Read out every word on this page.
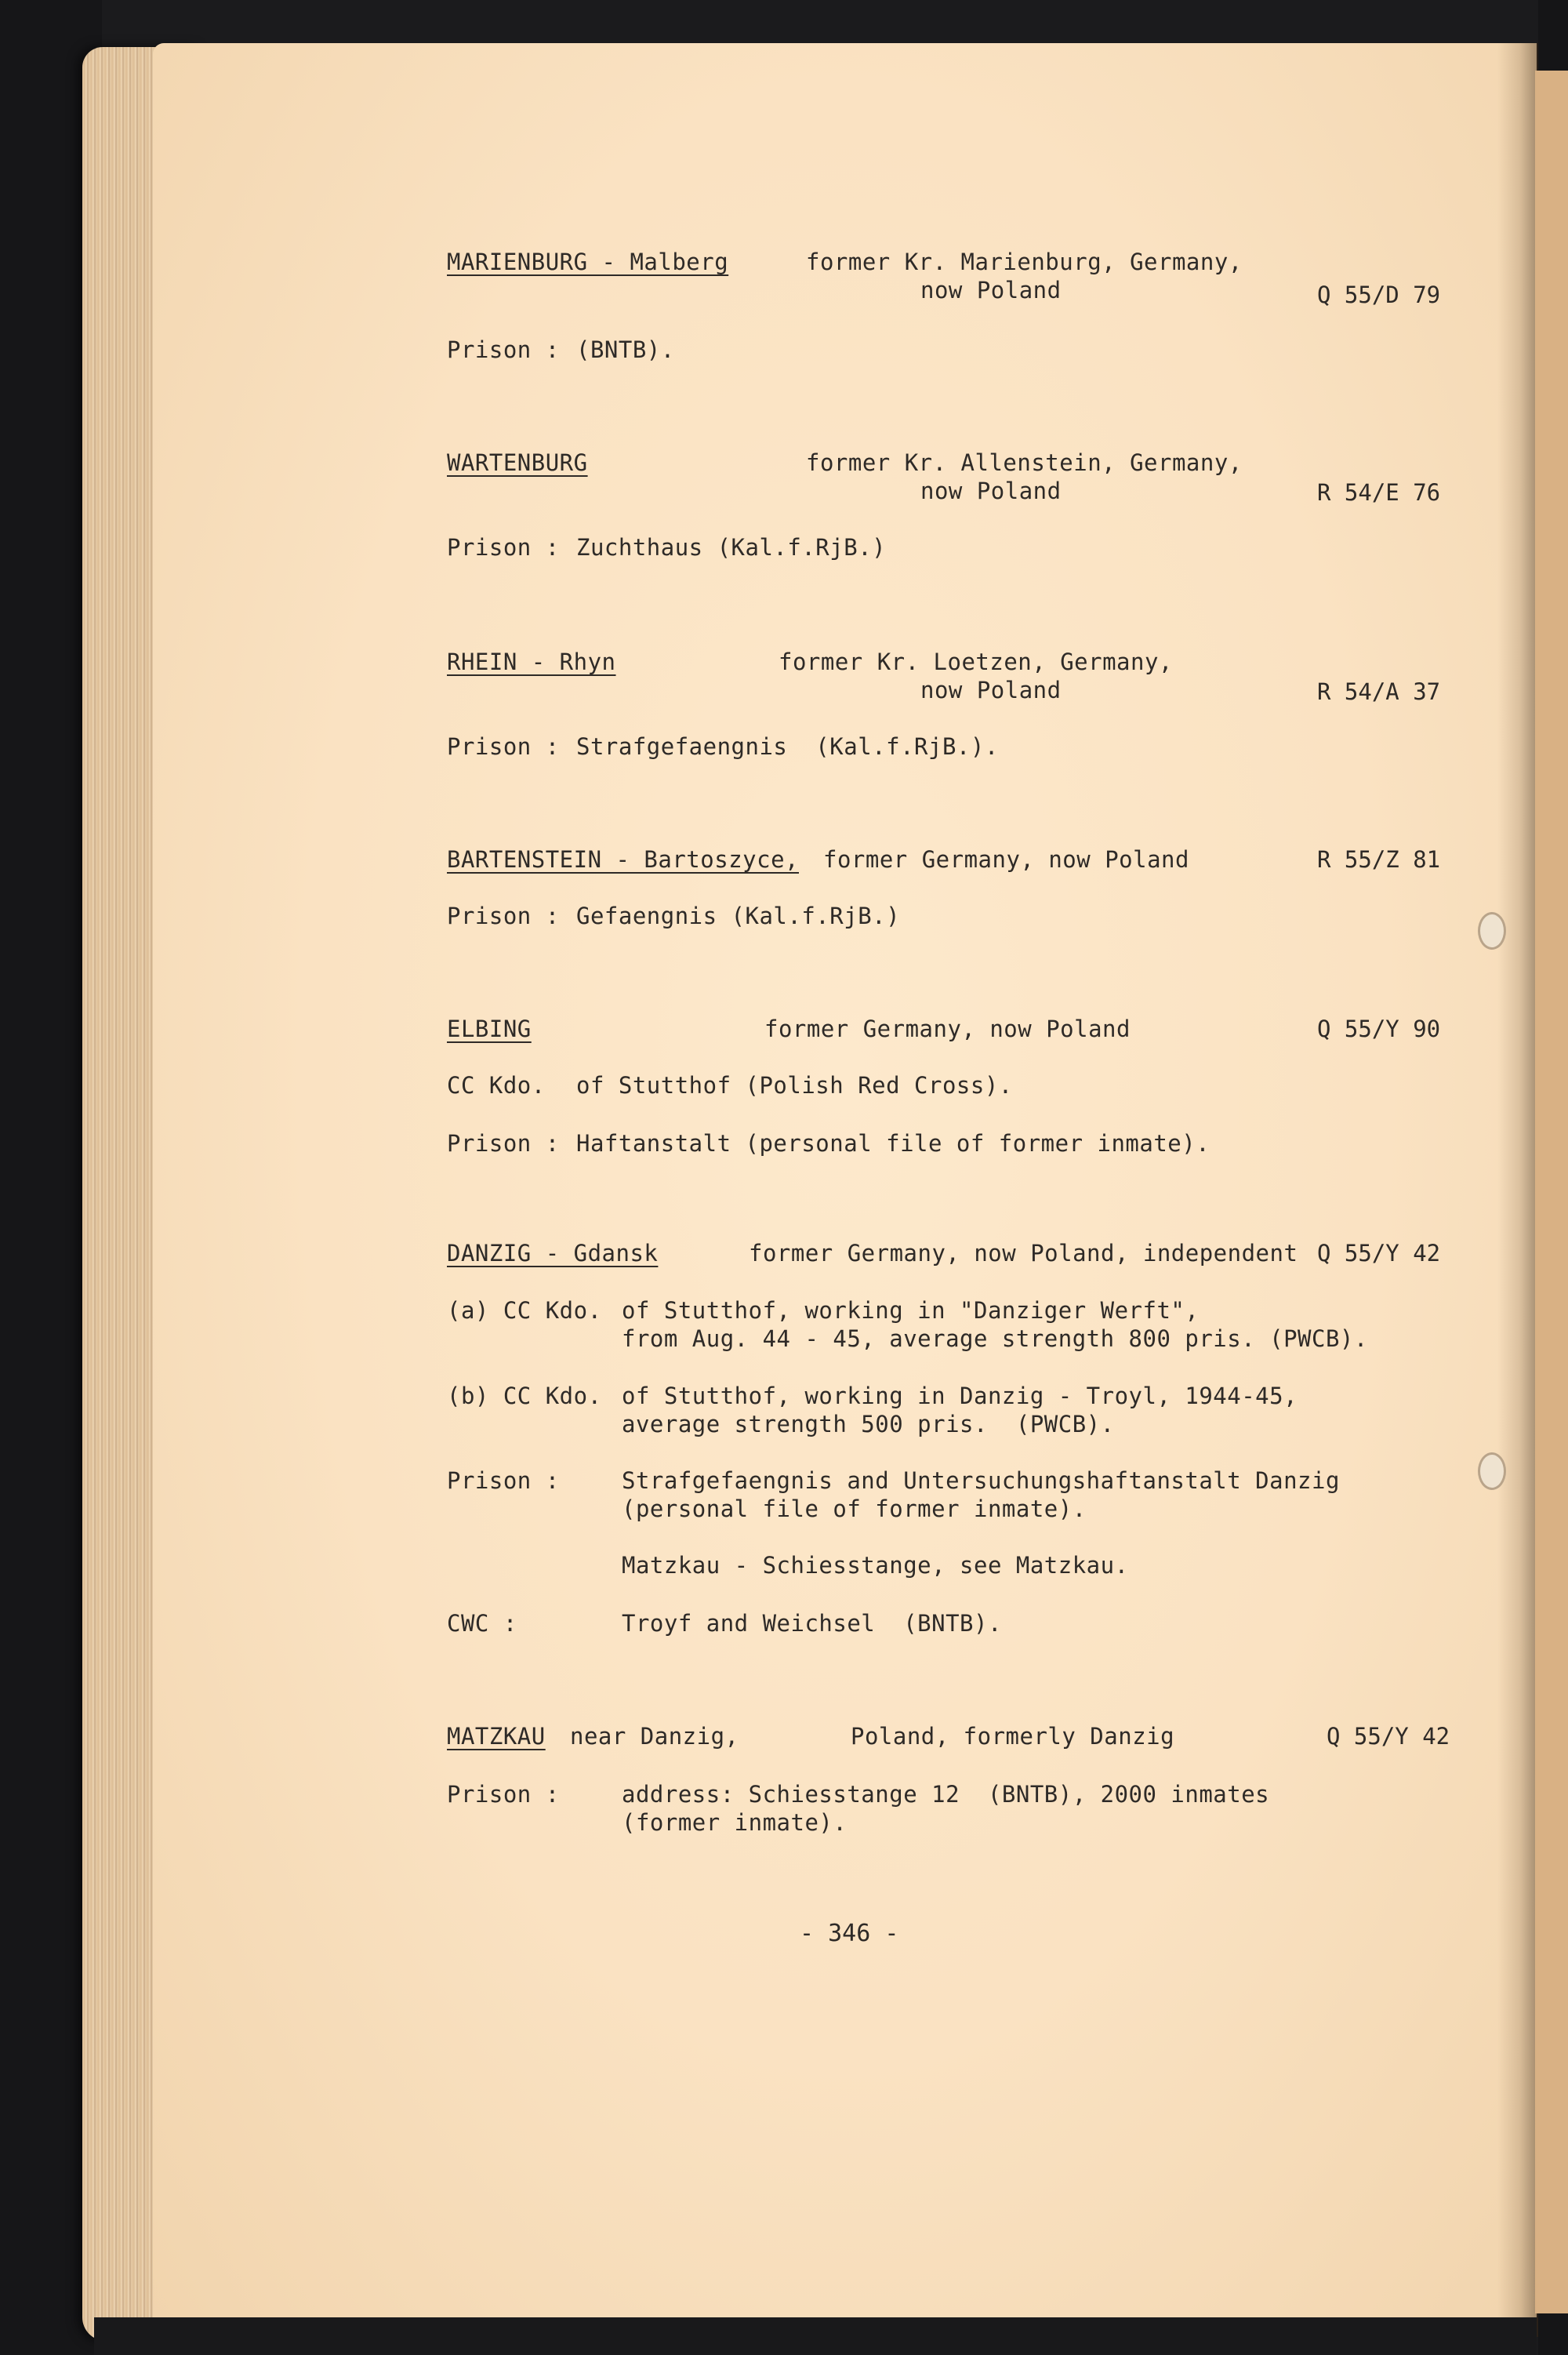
MARIENBURG - Malberg	former Kr. Marienburg, Germany,
now Poland	Q 55/D 79
Prison : (BNTB).
WARTENBURG	former Kr. Allenstein, Germany,
now Poland	R 54/E 76
Prison : Zuchthaus (Kal.f.RjB.)
RHEIN - Rhyn	former Kr. Loetzen, Germany,
now Poland	R 54/A 37
Prison : Strafgefaengnis  (Kal.f.RjB.).
BARTENSTEIN - Bartoszyce, former Germany, now Poland	R 55/Z 81
Prison : Gefaengnis (Kal.f.RjB.)
ELBING	former Germany, now Poland	Q 55/Y 90
CC Kdo. of Stutthof (Polish Red Cross).
Prison : Haftanstalt (personal file of former inmate).
DANZIG - Gdansk	former Germany, now Poland, independent Q 55/Y 42
(a) CC Kdo. of Stutthof, working in "Danziger Werft",
from Aug. 44 - 45, average strength 800 pris. (PWCB).
(b) CC Kdo. of Stutthof, working in Danzig - Troyl, 1944-45,
average strength 500 pris.  (PWCB).
Prison :	Strafgefaengnis and Untersuchungshaftanstalt Danzig
(personal file of former inmate).
Matzkau - Schiesstange, see Matzkau.
CWC :	Troyf and Weichsel  (BNTB).
MATZKAU near Danzig,	Poland, formerly Danzig	Q 55/Y 42
Prison :	address: Schiesstange 12  (BNTB), 2000 inmates
(former inmate).
- 346 -
